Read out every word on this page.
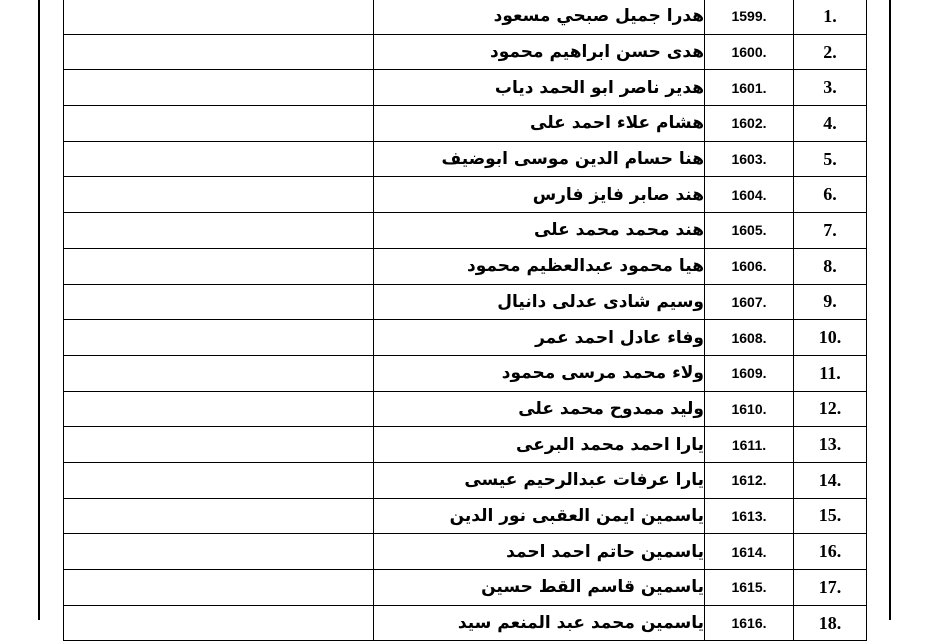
	هدرا جميل صبحي مسعود	1599.	1.
	هدى حسن ابراهيم محمود	1600.	2.
	هدير ناصر ابو الحمد دياب	1601.	3.
	هشام علاء احمد على	1602.	4.
	هنا حسام الدين موسى ابوضيف	1603.	5.
	هند صابر فايز فارس	1604.	6.
	هند محمد محمد على	1605.	7.
	هيا محمود عبدالعظيم محمود	1606.	8.
	وسيم شادى عدلى دانيال	1607.	9.
	وفاء عادل احمد عمر	1608.	10.
	ولاء محمد مرسى محمود	1609.	11.
	وليد ممدوح محمد على	1610.	12.
	يارا احمد محمد البرعى	1611.	13.
	يارا عرفات عبدالرحيم عيسى	1612.	14.
	ياسمين ايمن العقبى نور الدين	1613.	15.
	ياسمين حاتم احمد احمد	1614.	16.
	ياسمين قاسم القط حسين	1615.	17.
	ياسمين محمد عبد المنعم سيد	1616.	18.
